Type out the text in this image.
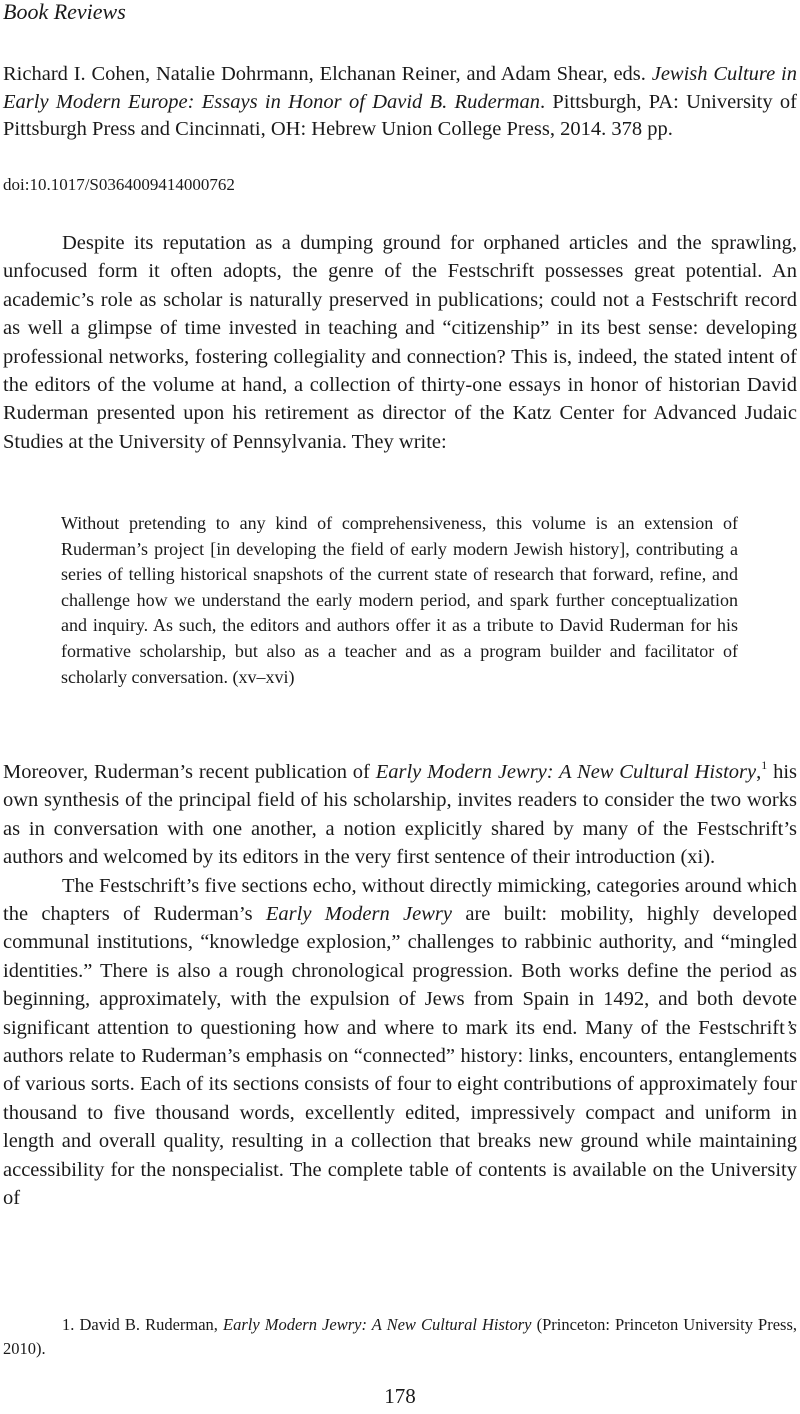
Book Reviews
Richard I. Cohen, Natalie Dohrmann, Elchanan Reiner, and Adam Shear, eds. Jewish Culture in Early Modern Europe: Essays in Honor of David B. Ruderman. Pittsburgh, PA: University of Pittsburgh Press and Cincinnati, OH: Hebrew Union College Press, 2014. 378 pp.
doi:10.1017/S0364009414000762

Despite its reputation as a dumping ground for orphaned articles and the sprawling, unfocused form it often adopts, the genre of the Festschrift possesses great potential. An academic’s role as scholar is naturally preserved in publications; could not a Festschrift record as well a glimpse of time invested in teaching and “citizenship” in its best sense: developing professional networks, fostering collegiality and connection? This is, indeed, the stated intent of the editors of the volume at hand, a collection of thirty-one essays in honor of historian David Ruderman presented upon his retirement as director of the Katz Center for Advanced Judaic Studies at the University of Pennsylvania. They write:

Without pretending to any kind of comprehensiveness, this volume is an extension of Ruderman’s project [in developing the field of early modern Jewish history], contributing a series of telling historical snapshots of the current state of research that forward, refine, and challenge how we understand the early modern period, and spark further conceptualization and inquiry. As such, the editors and authors offer it as a tribute to David Ruderman for his formative scholarship, but also as a teacher and as a program builder and facilitator of scholarly conversation. (xv–xvi)

Moreover, Ruderman’s recent publication of Early Modern Jewry: A New Cultural History,$^1$ his own synthesis of the principal field of his scholarship, invites readers to consider the two works as in conversation with one another, a notion explicitly shared by many of the Festschrift’s authors and welcomed by its editors in the very first sentence of their introduction (xi).

The Festschrift’s five sections echo, without directly mimicking, categories around which the chapters of Ruderman’s Early Modern Jewry are built: mobility, highly developed communal institutions, “knowledge explosion,” challenges to rabbinic authority, and “mingled identities.” There is also a rough chronological progression. Both works define the period as beginning, approximately, with the expulsion of Jews from Spain in 1492, and both devote significant attention to questioning how and where to mark its end. Many of the Festschrift’s authors relate to Ruderman’s emphasis on “connected” history: links, encounters, entanglements of various sorts. Each of its sections consists of four to eight contributions of approximately four thousand to five thousand words, excellently edited, impressively compact and uniform in length and overall quality, resulting in a collection that breaks new ground while maintaining accessibility for the nonspecialist. The complete table of contents is available on the University of

1. David B. Ruderman, Early Modern Jewry: A New Cultural History (Princeton: Princeton University Press, 2010).
178
